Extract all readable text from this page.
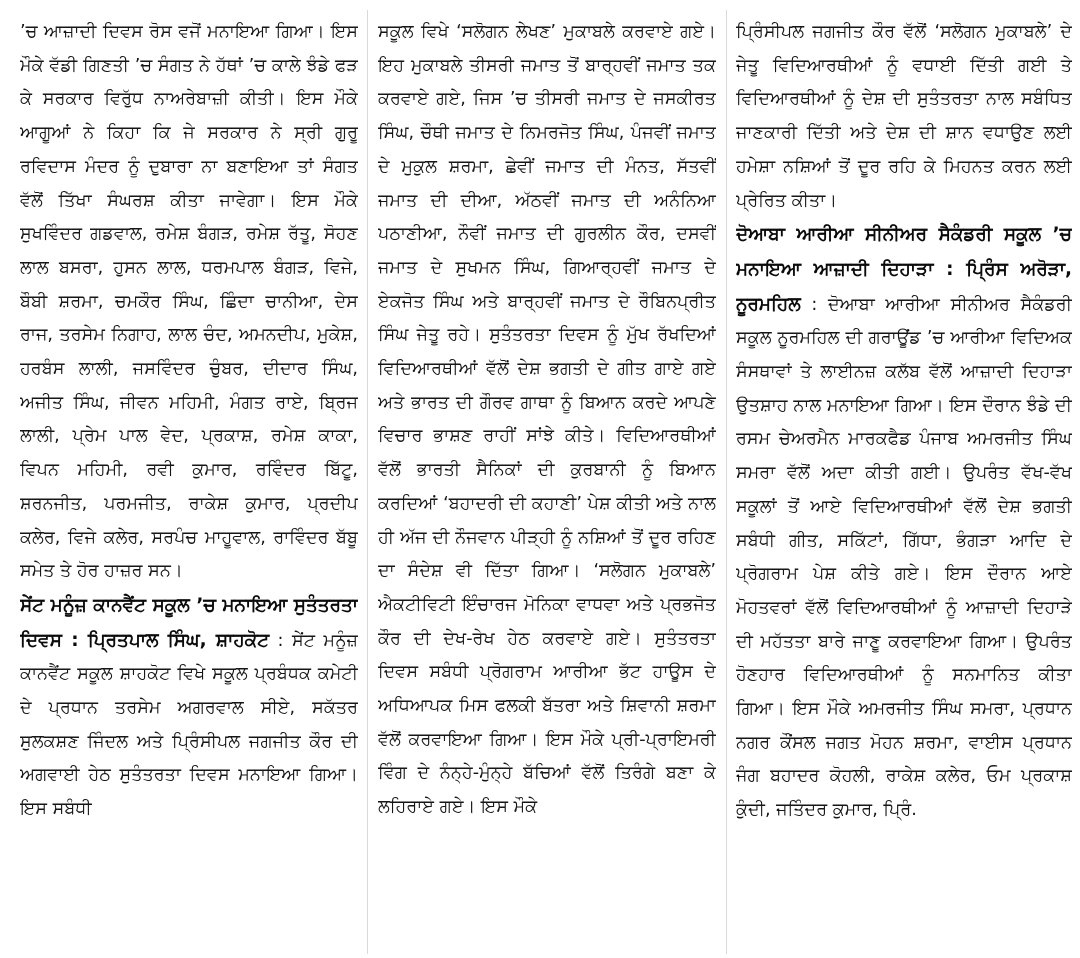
’ਚ ਆਜ਼ਾਦੀ ਦਿਵਸ ਰੋਸ ਵਜੋਂ ਮਨਾਇਆ ਗਿਆ। ਇਸ ਮੌਕੇ ਵੱਡੀ ਗਿਣਤੀ ’ਚ ਸੰਗਤ ਨੇ ਹੱਥਾਂ ’ਚ ਕਾਲੇ ਝੰਡੇ ਫੜ ਕੇ ਸਰਕਾਰ ਵਿਰੁੱਧ ਨਾਅਰੇਬਾਜ਼ੀ ਕੀਤੀ। ਇਸ ਮੌਕੇ ਆਗੂਆਂ ਨੇ ਕਿਹਾ ਕਿ ਜੇ ਸਰਕਾਰ ਨੇ ਸ੍ਰੀ ਗੁਰੂ ਰਵਿਦਾਸ ਮੰਦਰ ਨੂੰ ਦੁਬਾਰਾ ਨਾ ਬਣਾਇਆ ਤਾਂ ਸੰਗਤ ਵੱਲੋਂ ਤਿੱਖਾ ਸੰਘਰਸ਼ ਕੀਤਾ ਜਾਵੇਗਾ। ਇਸ ਮੌਕੇ ਸੁਖਵਿੰਦਰ ਗਡਵਾਲ, ਰਮੇਸ਼ ਬੰਗੜ, ਰਮੇਸ਼ ਰੱਤੂ, ਸੋਹਣ ਲਾਲ ਬਸਰਾ, ਹੁਸਨ ਲਾਲ, ਧਰਮਪਾਲ ਬੰਗੜ, ਵਿਜੇ, ਬੌਬੀ ਸ਼ਰਮਾ, ਚਮਕੌਰ ਸਿੰਘ, ਛਿੰਦਾ ਚਾਨੀਆ, ਦੇਸ ਰਾਜ, ਤਰਸੇਮ ਨਿਗਾਹ, ਲਾਲ ਚੰਦ, ਅਮਨਦੀਪ, ਮੁਕੇਸ਼, ਹਰਬੰਸ ਲਾਲੀ, ਜਸਵਿੰਦਰ ਚੁੰਬਰ, ਦੀਦਾਰ ਸਿੰਘ, ਅਜੀਤ ਸਿੰਘ, ਜੀਵਨ ਮਹਿਮੀ, ਮੰਗਤ ਰਾਏ, ਬ੍ਰਿਜ ਲਾਲੀ, ਪ੍ਰੇਮ ਪਾਲ ਵੇਦ, ਪ੍ਰਕਾਸ਼, ਰਮੇਸ਼ ਕਾਕਾ, ਵਿਪਨ ਮਹਿਮੀ, ਰਵੀ ਕੁਮਾਰ, ਰਵਿੰਦਰ ਬਿੱਟੂ, ਸ਼ਰਨਜੀਤ, ਪਰਮਜੀਤ, ਰਾਕੇਸ਼ ਕੁਮਾਰ, ਪ੍ਰਦੀਪ ਕਲੇਰ, ਵਿਜੇ ਕਲੇਰ, ਸਰਪੰਚ ਮਾਹੂਵਾਲ, ਰਾਵਿੰਦਰ ਬੱਬੂ ਸਮੇਤ ਤੇ ਹੋਰ ਹਾਜ਼ਰ ਸਨ।

ਸੇਂਟ ਮਨੂੰਜ਼ ਕਾਨਵੈਂਟ ਸਕੂਲ ’ਚ ਮਨਾਇਆ ਸੁਤੰਤਰਤਾ ਦਿਵਸ : ਪ੍ਰਿਤਪਾਲ ਸਿੰਘ, ਸ਼ਾਹਕੋਟ : ਸੇਂਟ ਮਨੂੰਜ਼ ਕਾਨਵੈਂਟ ਸਕੂਲ ਸ਼ਾਹਕੋਟ ਵਿਖੇ ਸਕੂਲ ਪ੍ਰਬੰਧਕ ਕਮੇਟੀ ਦੇ ਪ੍ਰਧਾਨ ਤਰਸੇਮ ਅਗਰਵਾਲ ਸੀਏ, ਸਕੱਤਰ ਸੁਲਕਸ਼ਣ ਜਿੰਦਲ ਅਤੇ ਪ੍ਰਿੰਸੀਪਲ ਜਗਜੀਤ ਕੌਰ ਦੀ ਅਗਵਾਈ ਹੇਠ ਸੁਤੰਤਰਤਾ ਦਿਵਸ ਮਨਾਇਆ ਗਿਆ। ਇਸ ਸਬੰਧੀ

ਸਕੂਲ ਵਿਖੇ ‘ਸਲੋਗਨ ਲੇਖਣ’ ਮੁਕਾਬਲੇ ਕਰਵਾਏ ਗਏ। ਇਹ ਮੁਕਾਬਲੇ ਤੀਸਰੀ ਜਮਾਤ ਤੋਂ ਬਾਰ੍ਹਵੀਂ ਜਮਾਤ ਤਕ ਕਰਵਾਏ ਗਏ, ਜਿਸ ’ਚ ਤੀਸਰੀ ਜਮਾਤ ਦੇ ਜਸਕੀਰਤ ਸਿੰਘ, ਚੌਥੀ ਜਮਾਤ ਦੇ ਨਿਮਰਜੋਤ ਸਿੰਘ, ਪੰਜਵੀਂ ਜਮਾਤ ਦੇ ਮੁਕੁਲ ਸ਼ਰਮਾ, ਛੇਵੀਂ ਜਮਾਤ ਦੀ ਮੰਨਤ, ਸੱਤਵੀਂ ਜਮਾਤ ਦੀ ਦੀਆ, ਅੱਠਵੀਂ ਜਮਾਤ ਦੀ ਅਨੰਨਿਆ ਪਠਾਣੀਆ, ਨੌਵੀਂ ਜਮਾਤ ਦੀ ਗੁਰਲੀਨ ਕੌਰ, ਦਸਵੀਂ ਜਮਾਤ ਦੇ ਸੁਖਮਨ ਸਿੰਘ, ਗਿਆਰ੍ਹਵੀਂ ਜਮਾਤ ਦੇ ਏਕਜੋਤ ਸਿੰਘ ਅਤੇ ਬਾਰ੍ਹਵੀਂ ਜਮਾਤ ਦੇ ਰੌਬਿਨਪ੍ਰੀਤ ਸਿੰਘ ਜੇਤੂ ਰਹੇ। ਸੁਤੰਤਰਤਾ ਦਿਵਸ ਨੂੰ ਮੁੱਖ ਰੱਖਦਿਆਂ ਵਿਦਿਆਰਥੀਆਂ ਵੱਲੋਂ ਦੇਸ਼ ਭਗਤੀ ਦੇ ਗੀਤ ਗਾਏ ਗਏ ਅਤੇ ਭਾਰਤ ਦੀ ਗੌਰਵ ਗਾਥਾ ਨੂੰ ਬਿਆਨ ਕਰਦੇ ਆਪਣੇ ਵਿਚਾਰ ਭਾਸ਼ਣ ਰਾਹੀਂ ਸਾਂਝੇ ਕੀਤੇ। ਵਿਦਿਆਰਥੀਆਂ ਵੱਲੋਂ ਭਾਰਤੀ ਸੈਨਿਕਾਂ ਦੀ ਕੁਰਬਾਨੀ ਨੂੰ ਬਿਆਨ ਕਰਦਿਆਂ ‘ਬਹਾਦਰੀ ਦੀ ਕਹਾਣੀ’ ਪੇਸ਼ ਕੀਤੀ ਅਤੇ ਨਾਲ ਹੀ ਅੱਜ ਦੀ ਨੌਜਵਾਨ ਪੀੜ੍ਹੀ ਨੂੰ ਨਸ਼ਿਆਂ ਤੋਂ ਦੂਰ ਰਹਿਣ ਦਾ ਸੰਦੇਸ਼ ਵੀ ਦਿੱਤਾ ਗਿਆ। ‘ਸਲੋਗਨ ਮੁਕਾਬਲੇ’ ਐਕਟੀਵਿਟੀ ਇੰਚਾਰਜ ਮੋਨਿਕਾ ਵਾਧਵਾ ਅਤੇ ਪ੍ਰਭਜੋਤ ਕੌਰ ਦੀ ਦੇਖ-ਰੇਖ ਹੇਠ ਕਰਵਾਏ ਗਏ। ਸੁਤੰਤਰਤਾ ਦਿਵਸ ਸਬੰਧੀ ਪ੍ਰੋਗਰਾਮ ਆਰੀਆ ਭੱਟ ਹਾਊਸ ਦੇ ਅਧਿਆਪਕ ਮਿਸ ਫਲਕੀ ਬੱਤਰਾ ਅਤੇ ਸ਼ਿਵਾਨੀ ਸ਼ਰਮਾ ਵੱਲੋਂ ਕਰਵਾਇਆ ਗਿਆ। ਇਸ ਮੌਕੇ ਪ੍ਰੀ-ਪ੍ਰਾਇਮਰੀ ਵਿੰਗ ਦੇ ਨੰਨ੍ਹੇ-ਮੁੰਨ੍ਹੇ ਬੱਚਿਆਂ ਵੱਲੋਂ ਤਿਰੰਗੇ ਬਣਾ ਕੇ ਲਹਿਰਾਏ ਗਏ। ਇਸ ਮੌਕੇ

ਪ੍ਰਿੰਸੀਪਲ ਜਗਜੀਤ ਕੌਰ ਵੱਲੋਂ ‘ਸਲੋਗਨ ਮੁਕਾਬਲੇ’ ਦੇ ਜੇਤੂ ਵਿਦਿਆਰਥੀਆਂ ਨੂੰ ਵਧਾਈ ਦਿੱਤੀ ਗਈ ਤੇ ਵਿਦਿਆਰਥੀਆਂ ਨੂੰ ਦੇਸ਼ ਦੀ ਸੁਤੰਤਰਤਾ ਨਾਲ ਸਬੰਧਿਤ ਜਾਣਕਾਰੀ ਦਿੱਤੀ ਅਤੇ ਦੇਸ਼ ਦੀ ਸ਼ਾਨ ਵਧਾਉਣ ਲਈ ਹਮੇਸ਼ਾ ਨਸ਼ਿਆਂ ਤੋਂ ਦੂਰ ਰਹਿ ਕੇ ਮਿਹਨਤ ਕਰਨ ਲਈ ਪ੍ਰੇਰਿਤ ਕੀਤਾ।

ਦੋਆਬਾ ਆਰੀਆ ਸੀਨੀਅਰ ਸੈਕੰਡਰੀ ਸਕੂਲ ’ਚ ਮਨਾਇਆ ਆਜ਼ਾਦੀ ਦਿਹਾੜਾ : ਪ੍ਰਿੰਸ ਅਰੋੜਾ, ਨੂਰਮਹਿਲ : ਦੋਆਬਾ ਆਰੀਆ ਸੀਨੀਅਰ ਸੈਕੰਡਰੀ ਸਕੂਲ ਨੂਰਮਹਿਲ ਦੀ ਗਰਾਊਂਡ ’ਚ ਆਰੀਆ ਵਿਦਿਅਕ ਸੰਸਥਾਵਾਂ ਤੇ ਲਾਈਨਜ਼ ਕਲੱਬ ਵੱਲੋਂ ਆਜ਼ਾਦੀ ਦਿਹਾੜਾ ਉਤਸ਼ਾਹ ਨਾਲ ਮਨਾਇਆ ਗਿਆ। ਇਸ ਦੌਰਾਨ ਝੰਡੇ ਦੀ ਰਸਮ ਚੇਅਰਮੈਨ ਮਾਰਕਫੈਡ ਪੰਜਾਬ ਅਮਰਜੀਤ ਸਿੰਘ ਸਮਰਾ ਵੱਲੋਂ ਅਦਾ ਕੀਤੀ ਗਈ। ਉਪਰੰਤ ਵੱਖ-ਵੱਖ ਸਕੂਲਾਂ ਤੋਂ ਆਏ ਵਿਦਿਆਰਥੀਆਂ ਵੱਲੋਂ ਦੇਸ਼ ਭਗਤੀ ਸਬੰਧੀ ਗੀਤ, ਸਕਿੱਟਾਂ, ਗਿੱਧਾ, ਭੰਗੜਾ ਆਦਿ ਦੇ ਪ੍ਰੋਗਰਾਮ ਪੇਸ਼ ਕੀਤੇ ਗਏ। ਇਸ ਦੌਰਾਨ ਆਏ ਮੋਹਤਵਰਾਂ ਵੱਲੋਂ ਵਿਦਿਆਰਥੀਆਂ ਨੂੰ ਆਜ਼ਾਦੀ ਦਿਹਾੜੇ ਦੀ ਮਹੱਤਤਾ ਬਾਰੇ ਜਾਣੂ ਕਰਵਾਇਆ ਗਿਆ। ਉਪਰੰਤ ਹੋਣਹਾਰ ਵਿਦਿਆਰਥੀਆਂ ਨੂੰ ਸਨਮਾਨਿਤ ਕੀਤਾ ਗਿਆ। ਇਸ ਮੌਕੇ ਅਮਰਜੀਤ ਸਿੰਘ ਸਮਰਾ, ਪ੍ਰਧਾਨ ਨਗਰ ਕੌਂਸਲ ਜਗਤ ਮੋਹਨ ਸ਼ਰਮਾ, ਵਾਈਸ ਪ੍ਰਧਾਨ ਜੰਗ ਬਹਾਦਰ ਕੋਹਲੀ, ਰਾਕੇਸ਼ ਕਲੇਰ, ਓਮ ਪ੍ਰਕਾਸ਼ ਕੁੰਦੀ, ਜਤਿੰਦਰ ਕੁਮਾਰ, ਪ੍ਰਿੰ.
